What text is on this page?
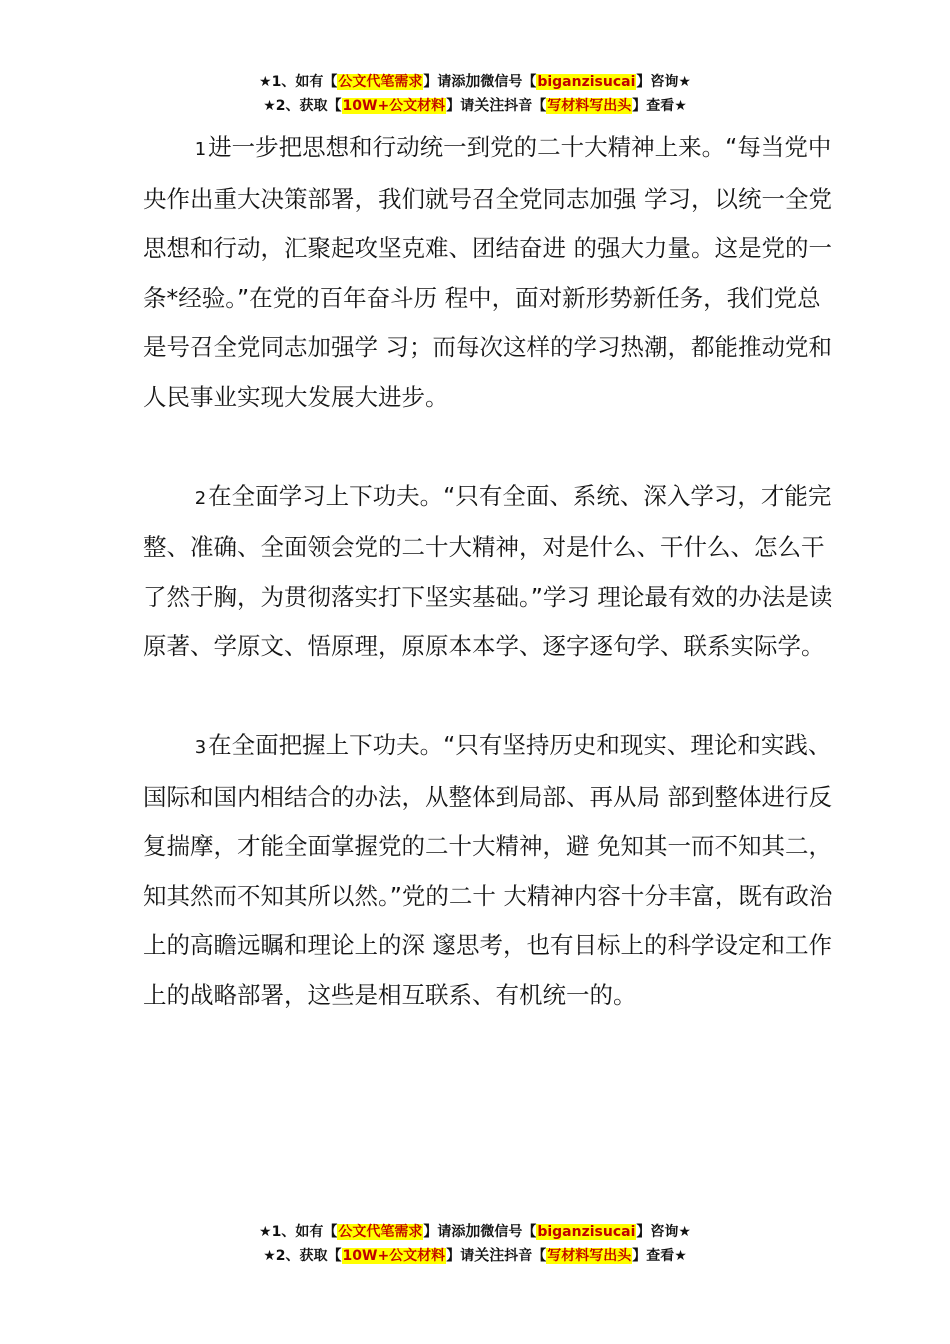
★1、如有【公文代笔需求】请添加微信号【biganzisucai】咨询★
★2、获取【10W+公文材料】请关注抖音【写材料写出头】查看★

1进一步把思想和行动统一到党的二十大精神上来。“每当党中央作出重大决策部署，我们就号召全党同志加强 学习，以统一全党思想和行动，汇聚起攻坚克难、团结奋进 的强大力量。这是党的一条*经验。”在党的百年奋斗历 程中，面对新形势新任务，我们党总是号召全党同志加强学 习；而每次这样的学习热潮，都能推动党和人民事业实现大发展大进步。

2在全面学习上下功夫。“只有全面、系统、深入学习，才能完整、准确、全面领会党的二十大精神，对是什么、干什么、怎么干了然于胸，为贯彻落实打下坚实基础。”学习 理论最有效的办法是读原著、学原文、悟原理，原原本本学、逐字逐句学、联系实际学。

3在全面把握上下功夫。“只有坚持历史和现实、理论和实践、国际和国内相结合的办法，从整体到局部、再从局 部到整体进行反复揣摩，才能全面掌握党的二十大精神，避 免知其一而不知其二，知其然而不知其所以然。”党的二十 大精神内容十分丰富，既有政治上的高瞻远瞩和理论上的深 邃思考，也有目标上的科学设定和工作上的战略部署，这些是相互联系、有机统一的。

★1、如有【公文代笔需求】请添加微信号【biganzisucai】咨询★
★2、获取【10W+公文材料】请关注抖音【写材料写出头】查看★
